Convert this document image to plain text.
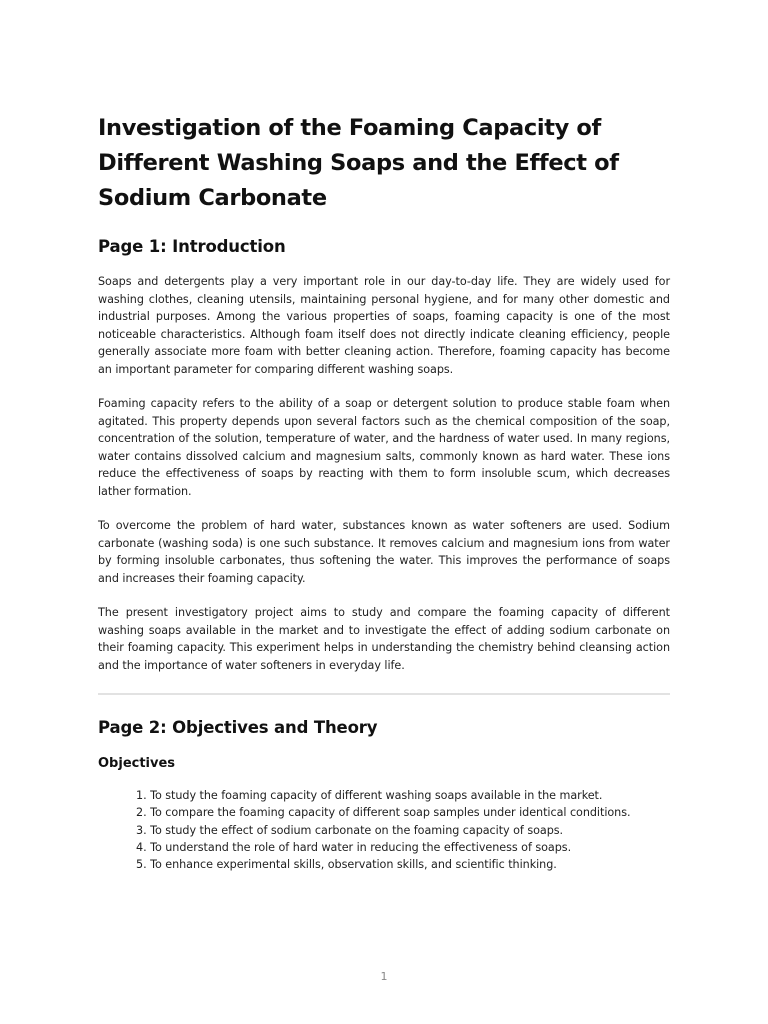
Investigation of the Foaming Capacity of Different Washing Soaps and the Effect of Sodium Carbonate
Page 1: Introduction

Soaps and detergents play a very important role in our day-to-day life. They are widely used for washing clothes, cleaning utensils, maintaining personal hygiene, and for many other domestic and industrial purposes. Among the various properties of soaps, foaming capacity is one of the most noticeable characteristics. Although foam itself does not directly indicate cleaning efficiency, people generally associate more foam with better cleaning action. Therefore, foaming capacity has become an important parameter for comparing different washing soaps.

Foaming capacity refers to the ability of a soap or detergent solution to produce stable foam when agitated. This property depends upon several factors such as the chemical composition of the soap, concentration of the solution, temperature of water, and the hardness of water used. In many regions, water contains dissolved calcium and magnesium salts, commonly known as hard water. These ions reduce the effectiveness of soaps by reacting with them to form insoluble scum, which decreases lather formation.

To overcome the problem of hard water, substances known as water softeners are used. Sodium carbonate (washing soda) is one such substance. It removes calcium and magnesium ions from water by forming insoluble carbonates, thus softening the water. This improves the performance of soaps and increases their foaming capacity.

The present investigatory project aims to study and compare the foaming capacity of different washing soaps available in the market and to investigate the effect of adding sodium carbonate on their foaming capacity. This experiment helps in understanding the chemistry behind cleansing action and the importance of water softeners in everyday life.

Page 2: Objectives and Theory
Objectives
1. To study the foaming capacity of different washing soaps available in the market.
2. To compare the foaming capacity of different soap samples under identical conditions.
3. To study the effect of sodium carbonate on the foaming capacity of soaps.
4. To understand the role of hard water in reducing the effectiveness of soaps.
5. To enhance experimental skills, observation skills, and scientific thinking.
1
